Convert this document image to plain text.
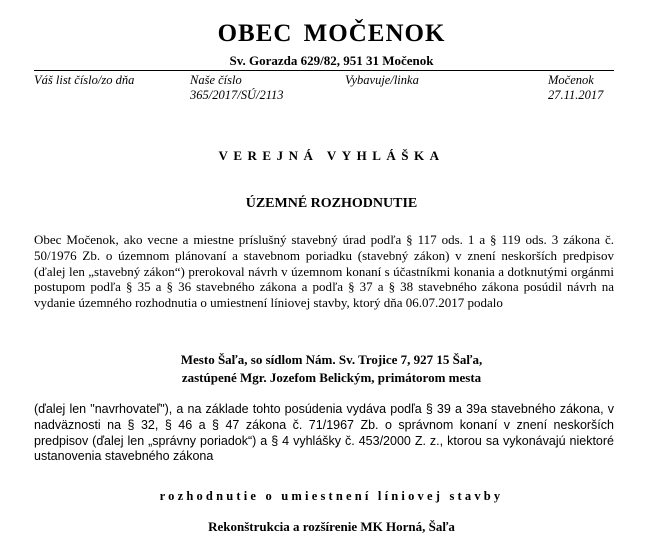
OBEC MOČENOK
Sv. Gorazda 629/82, 951 31 Močenok
Váš list číslo/zo dňa	Naše číslo
365/2017/SÚ/2113
Vybavuje/linka	Močenok
27.11.2017
VEREJNÁ VYHLÁŠKA
ÚZEMNÉ ROZHODNUTIE
Obec Močenok, ako vecne a miestne príslušný stavebný úrad podľa § 117 ods. 1 a § 119 ods. 3 zákona č. 50/1976 Zb. o územnom plánovaní a stavebnom poriadku (stavebný zákon) v znení neskorších predpisov (ďalej len „stavebný zákon“) prerokoval návrh v územnom konaní s účastníkmi konania a dotknutými orgánmi postupom podľa § 35 a § 36 stavebného zákona a podľa § 37 a § 38 stavebného zákona posúdil návrh na vydanie územného rozhodnutia o umiestnení líniovej stavby, ktorý dňa 06.07.2017 podalo
Mesto Šaľa, so sídlom Nám. Sv. Trojice 7, 927 15 Šaľa,
zastúpené Mgr. Jozefom Belickým, primátorom mesta
(ďalej len "navrhovateľ"), a na základe tohto posúdenia vydáva podľa § 39 a 39a stavebného zákona, v nadväznosti na § 32, § 46 a § 47 zákona č. 71/1967 Zb. o správnom konaní v znení neskorších predpisov (ďalej len „správny poriadok“) a § 4 vyhlášky č. 453/2000 Z. z., ktorou sa vykonávajú niektoré ustanovenia stavebného zákona
rozhodnutie o umiestnení líniovej stavby
Rekonštrukcia a rozšírenie MK Horná, Šaľa
